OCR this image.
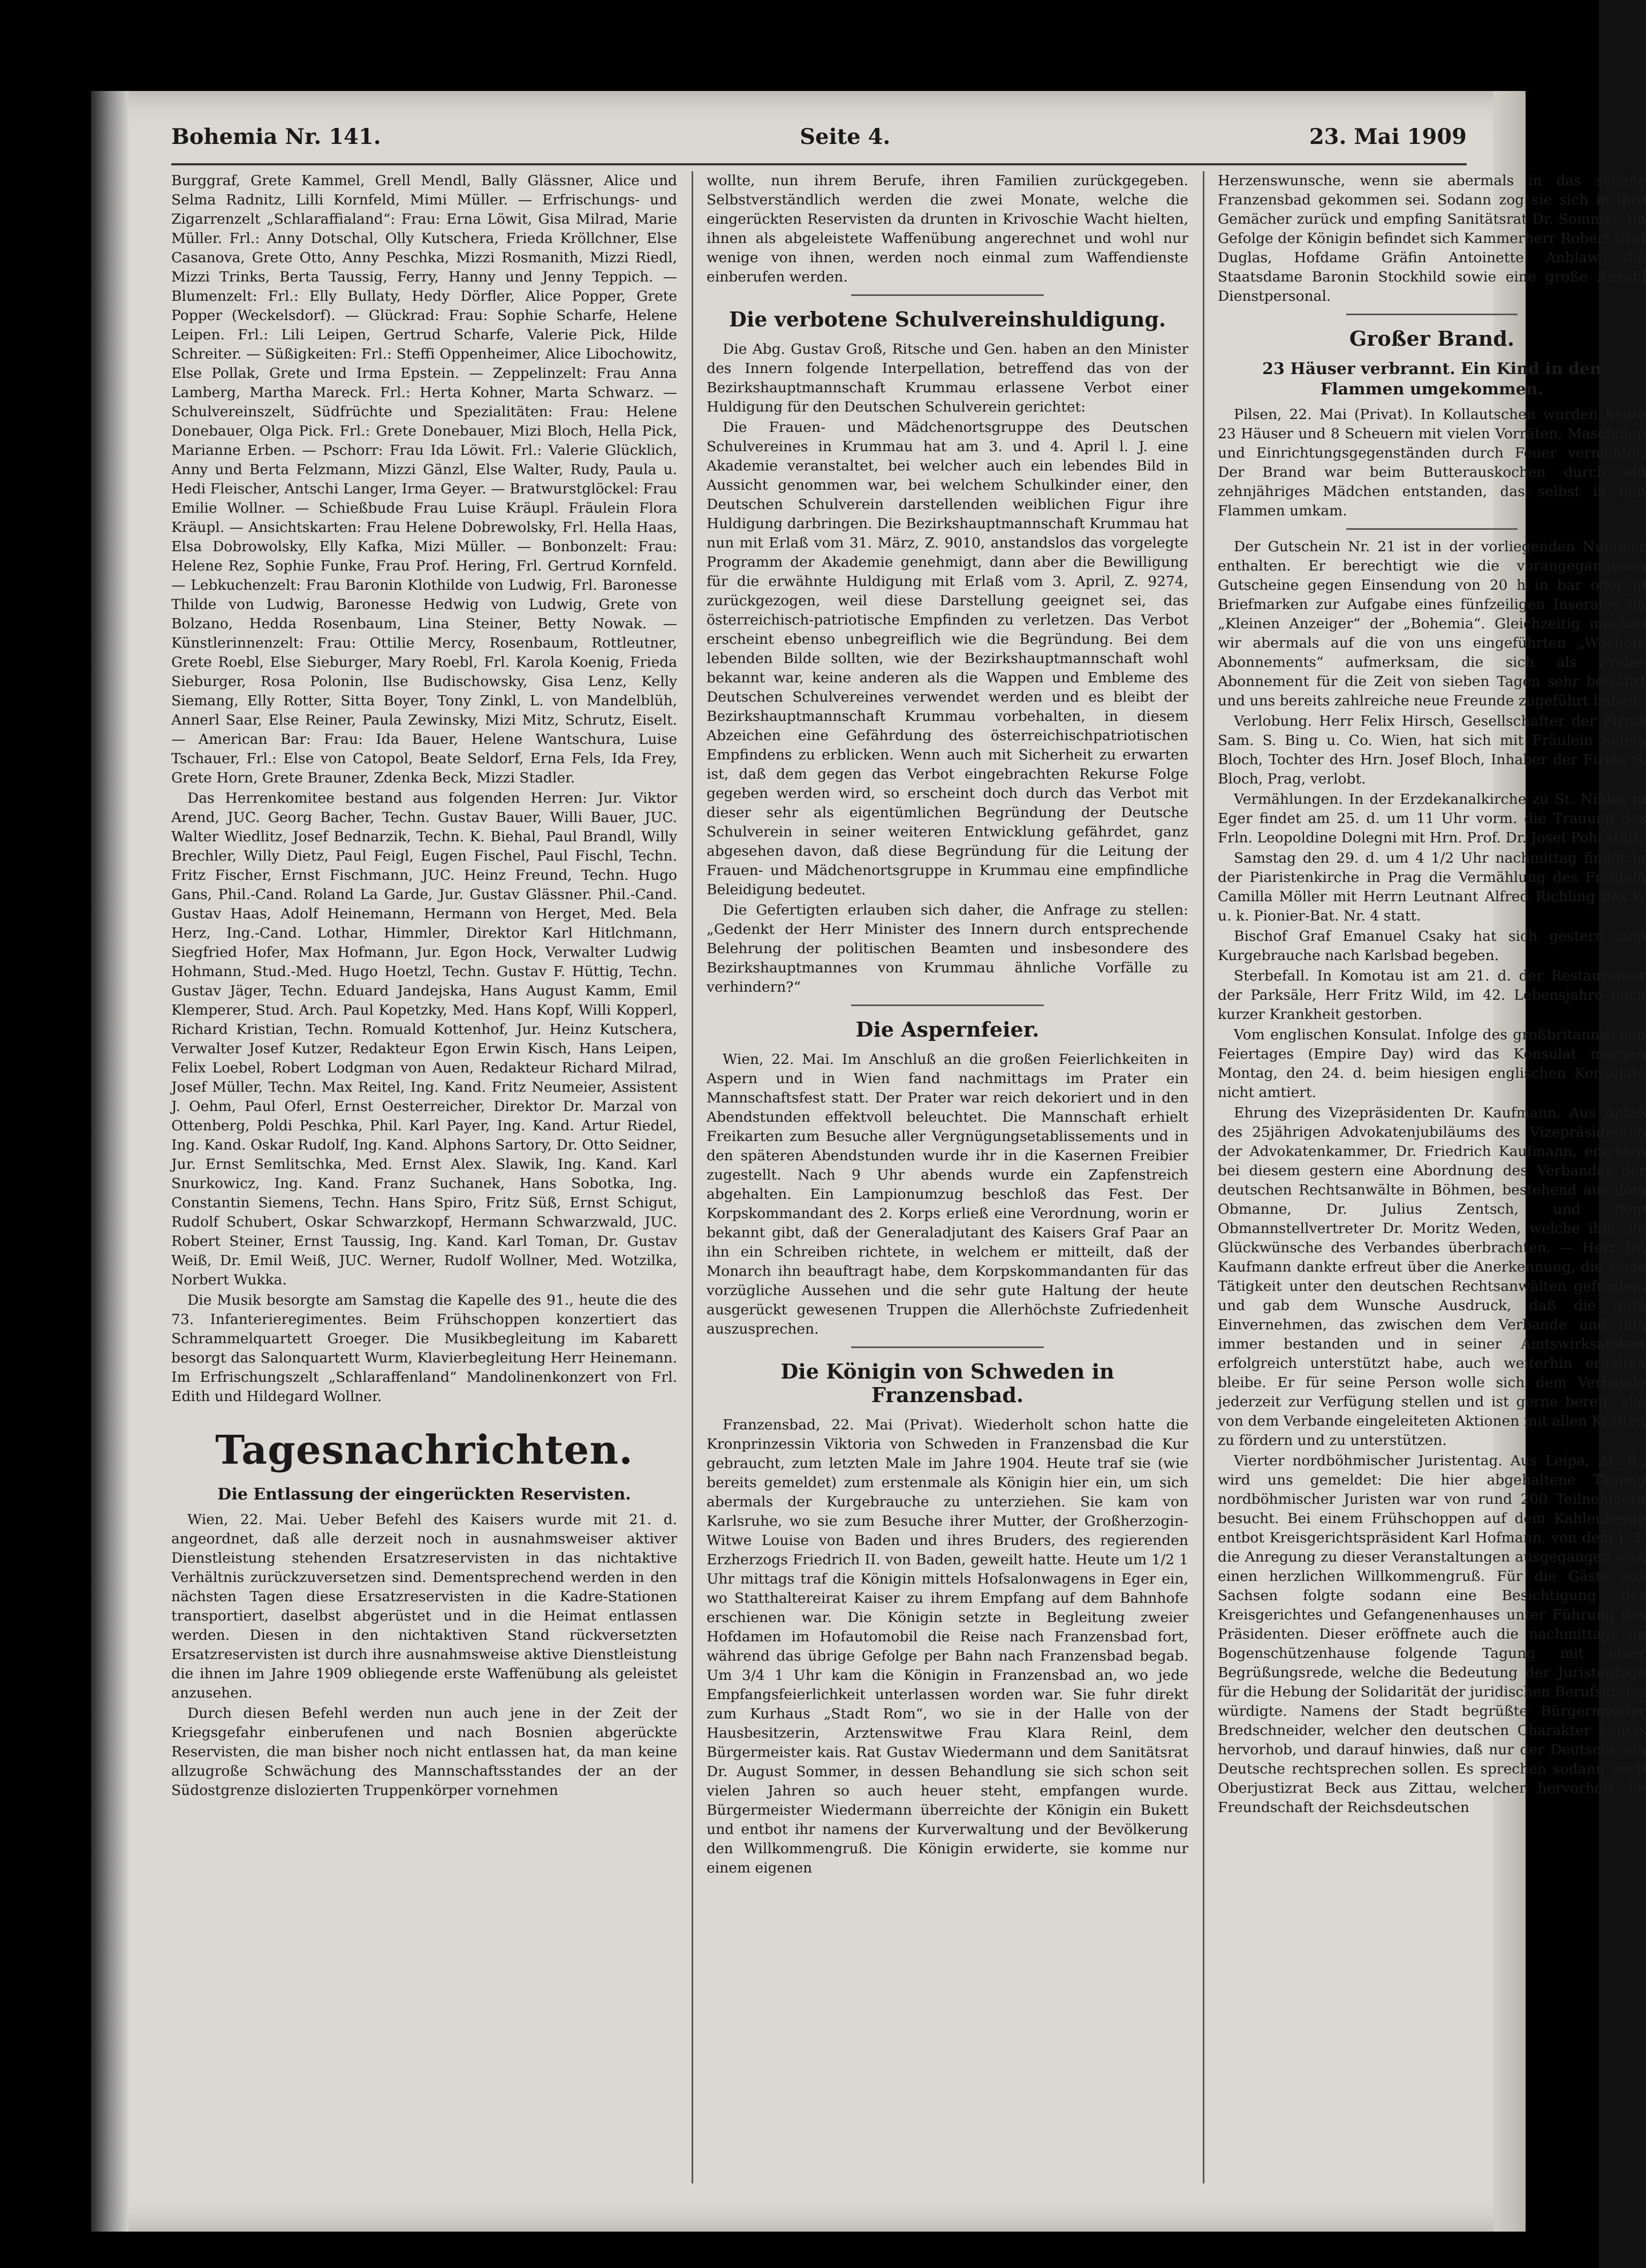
Bohemia Nr. 141.	Seite 4.	23. Mai 1909

Burggraf, Grete Kammel, Grell Mendl, Bally Glässner, Alice und Selma Radnitz, Lilli Kornfeld, Mimi Müller. — Erfrischungs- und Zigarrenzelt „Schlaraffialand“: Frau: Erna Löwit, Gisa Milrad, Marie Müller. Frl.: Anny Dotschal, Olly Kutschera, Frieda Kröllchner, Else Casanova, Grete Otto, Anny Peschka, Mizzi Rosmanith, Mizzi Riedl, Mizzi Trinks, Berta Taussig, Ferry, Hanny und Jenny Teppich. — Blumenzelt: Frl.: Elly Bullaty, Hedy Dörfler, Alice Popper, Grete Popper (Weckelsdorf). — Glückrad: Frau: Sophie Scharfe, Helene Leipen. Frl.: Lili Leipen, Gertrud Scharfe, Valerie Pick, Hilde Schreiter. — Süßigkeiten: Frl.: Steffi Oppenheimer, Alice Libochowitz, Else Pollak, Grete und Irma Epstein. — Zeppelinzelt: Frau Anna Lamberg, Martha Mareck. Frl.: Herta Kohner, Marta Schwarz. — Schulvereinszelt, Südfrüchte und Spezialitäten: Frau: Helene Donebauer, Olga Pick. Frl.: Grete Donebauer, Mizi Bloch, Hella Pick, Marianne Erben. — Pschorr: Frau Ida Löwit. Frl.: Valerie Glücklich, Anny und Berta Felzmann, Mizzi Gänzl, Else Walter, Rudy, Paula u. Hedi Fleischer, Antschi Langer, Irma Geyer. — Bratwurstglöckel: Frau Emilie Wollner. — Schießbude Frau Luise Kräupl. Fräulein Flora Kräupl. — Ansichtskarten: Frau Helene Dobrewolsky, Frl. Hella Haas, Elsa Dobrowolsky, Elly Kafka, Mizi Müller. — Bonbonzelt: Frau: Helene Rez, Sophie Funke, Frau Prof. Hering, Frl. Gertrud Kornfeld. — Lebkuchenzelt: Frau Baronin Klothilde von Ludwig, Frl. Baronesse Thilde von Ludwig, Baronesse Hedwig von Ludwig, Grete von Bolzano, Hedda Rosenbaum, Lina Steiner, Betty Nowak. — Künstlerinnenzelt: Frau: Ottilie Mercy, Rosenbaum, Rottleutner, Grete Roebl, Else Sieburger, Mary Roebl, Frl. Karola Koenig, Frieda Sieburger, Rosa Polonin, Ilse Budischowsky, Gisa Lenz, Kelly Siemang, Elly Rotter, Sitta Boyer, Tony Zinkl, L. von Mandelblüh, Annerl Saar, Else Reiner, Paula Zewinsky, Mizi Mitz, Schrutz, Eiselt. — American Bar: Frau: Ida Bauer, Helene Wantschura, Luise Tschauer, Frl.: Else von Catopol, Beate Seldorf, Erna Fels, Ida Frey, Grete Horn, Grete Brauner, Zdenka Beck, Mizzi Stadler.

Das Herrenkomitee bestand aus folgenden Herren: Jur. Viktor Arend, JUC. Georg Bacher, Techn. Gustav Bauer, Willi Bauer, JUC. Walter Wiedlitz, Josef Bednarzik, Techn. K. Biehal, Paul Brandl, Willy Brechler, Willy Dietz, Paul Feigl, Eugen Fischel, Paul Fischl, Techn. Fritz Fischer, Ernst Fischmann, JUC. Heinz Freund, Techn. Hugo Gans, Phil.-Cand. Roland La Garde, Jur. Gustav Glässner. Phil.-Cand. Gustav Haas, Adolf Heinemann, Hermann von Herget, Med. Bela Herz, Ing.-Cand. Lothar, Himmler, Direktor Karl Hitlchmann, Siegfried Hofer, Max Hofmann, Jur. Egon Hock, Verwalter Ludwig Hohmann, Stud.-Med. Hugo Hoetzl, Techn. Gustav F. Hüttig, Techn. Gustav Jäger, Techn. Eduard Jandejska, Hans August Kamm, Emil Klemperer, Stud. Arch. Paul Kopetzky, Med. Hans Kopf, Willi Kopperl, Richard Kristian, Techn. Romuald Kottenhof, Jur. Heinz Kutschera, Verwalter Josef Kutzer, Redakteur Egon Erwin Kisch, Hans Leipen, Felix Loebel, Robert Lodgman von Auen, Redakteur Richard Milrad, Josef Müller, Techn. Max Reitel, Ing. Kand. Fritz Neumeier, Assistent J. Oehm, Paul Oferl, Ernst Oesterreicher, Direktor Dr. Marzal von Ottenberg, Poldi Peschka, Phil. Karl Payer, Ing. Kand. Artur Riedel, Ing. Kand. Oskar Rudolf, Ing. Kand. Alphons Sartory, Dr. Otto Seidner, Jur. Ernst Semlitschka, Med. Ernst Alex. Slawik, Ing. Kand. Karl Snurkowicz, Ing. Kand. Franz Suchanek, Hans Sobotka, Ing. Constantin Siemens, Techn. Hans Spiro, Fritz Süß, Ernst Schigut, Rudolf Schubert, Oskar Schwarzkopf, Hermann Schwarzwald, JUC. Robert Steiner, Ernst Taussig, Ing. Kand. Karl Toman, Dr. Gustav Weiß, Dr. Emil Weiß, JUC. Werner, Rudolf Wollner, Med. Wotzilka, Norbert Wukka.

Die Musik besorgte am Samstag die Kapelle des 91., heute die des 73. Infanterieregimentes. Beim Frühschoppen konzertiert das Schrammelquartett Groeger. Die Musikbegleitung im Kabarett besorgt das Salonquartett Wurm, Klavierbegleitung Herr Heinemann. Im Erfrischungszelt „Schlaraffenland“ Mandolinenkonzert von Frl. Edith und Hildegard Wollner.

Tagesnachrichten.
Die Entlassung der eingerückten Reservisten.

Wien, 22. Mai. Ueber Befehl des Kaisers wurde mit 21. d. angeordnet, daß alle derzeit noch in ausnahmsweiser aktiver Dienstleistung stehenden Ersatzreservisten in das nichtaktive Verhältnis zurückzuversetzen sind. Dementsprechend werden in den nächsten Tagen diese Ersatzreservisten in die Kadre-Stationen transportiert, daselbst abgerüstet und in die Heimat entlassen werden. Diesen in den nichtaktiven Stand rückversetzten Ersatzreservisten ist durch ihre ausnahmsweise aktive Dienstleistung die ihnen im Jahre 1909 obliegende erste Waffenübung als geleistet anzusehen.

Durch diesen Befehl werden nun auch jene in der Zeit der Kriegsgefahr einberufenen und nach Bosnien abgerückte Reservisten, die man bisher noch nicht entlassen hat, da man keine allzugroße Schwächung des Mannschaftsstandes der an der Südostgrenze dislozierten Truppenkörper vornehmen

wollte, nun ihrem Berufe, ihren Familien zurückgegeben. Selbstverständlich werden die zwei Monate, welche die eingerückten Reservisten da drunten in Krivoschie Wacht hielten, ihnen als abgeleistete Waffenübung angerechnet und wohl nur wenige von ihnen, werden noch einmal zum Waffendienste einberufen werden.

Die verbotene Schulvereinshuldigung.

Die Abg. Gustav Groß, Ritsche und Gen. haben an den Minister des Innern folgende Interpellation, betreffend das von der Bezirkshauptmannschaft Krummau erlassene Verbot einer Huldigung für den Deutschen Schulverein gerichtet:

Die Frauen- und Mädchenortsgruppe des Deutschen Schulvereines in Krummau hat am 3. und 4. April l. J. eine Akademie veranstaltet, bei welcher auch ein lebendes Bild in Aussicht genommen war, bei welchem Schulkinder einer, den Deutschen Schulverein darstellenden weiblichen Figur ihre Huldigung darbringen. Die Bezirkshauptmannschaft Krummau hat nun mit Erlaß vom 31. März, Z. 9010, anstandslos das vorgelegte Programm der Akademie genehmigt, dann aber die Bewilligung für die erwähnte Huldigung mit Erlaß vom 3. April, Z. 9274, zurückgezogen, weil diese Darstellung geeignet sei, das österreichisch-patriotische Empfinden zu verletzen. Das Verbot erscheint ebenso unbegreiflich wie die Begründung. Bei dem lebenden Bilde sollten, wie der Bezirkshauptmannschaft wohl bekannt war, keine anderen als die Wappen und Embleme des Deutschen Schulvereines verwendet werden und es bleibt der Bezirkshauptmannschaft Krummau vorbehalten, in diesem Abzeichen eine Gefährdung des österreichischpatriotischen Empfindens zu erblicken. Wenn auch mit Sicherheit zu erwarten ist, daß dem gegen das Verbot eingebrachten Rekurse Folge gegeben werden wird, so erscheint doch durch das Verbot mit dieser sehr als eigentümlichen Begründung der Deutsche Schulverein in seiner weiteren Entwicklung gefährdet, ganz abgesehen davon, daß diese Begründung für die Leitung der Frauen- und Mädchenortsgruppe in Krummau eine empfindliche Beleidigung bedeutet.

Die Gefertigten erlauben sich daher, die Anfrage zu stellen: „Gedenkt der Herr Minister des Innern durch entsprechende Belehrung der politischen Beamten und insbesondere des Bezirkshauptmannes von Krummau ähnliche Vorfälle zu verhindern?“

Die Aspernfeier.

Wien, 22. Mai. Im Anschluß an die großen Feierlichkeiten in Aspern und in Wien fand nachmittags im Prater ein Mannschaftsfest statt. Der Prater war reich dekoriert und in den Abendstunden effektvoll beleuchtet. Die Mannschaft erhielt Freikarten zum Besuche aller Vergnügungsetablissements und in den späteren Abendstunden wurde ihr in die Kasernen Freibier zugestellt. Nach 9 Uhr abends wurde ein Zapfenstreich abgehalten. Ein Lampionumzug beschloß das Fest. Der Korpskommandant des 2. Korps erließ eine Verordnung, worin er bekannt gibt, daß der Generaladjutant des Kaisers Graf Paar an ihn ein Schreiben richtete, in welchem er mitteilt, daß der Monarch ihn beauftragt habe, dem Korpskommandanten für das vorzügliche Aussehen und die sehr gute Haltung der heute ausgerückt gewesenen Truppen die Allerhöchste Zufriedenheit auszusprechen.

Die Königin von Schweden in Franzensbad.

Franzensbad, 22. Mai (Privat). Wiederholt schon hatte die Kronprinzessin Viktoria von Schweden in Franzensbad die Kur gebraucht, zum letzten Male im Jahre 1904. Heute traf sie (wie bereits gemeldet) zum erstenmale als Königin hier ein, um sich abermals der Kurgebrauche zu unterziehen. Sie kam von Karlsruhe, wo sie zum Besuche ihrer Mutter, der Großherzogin-Witwe Louise von Baden und ihres Bruders, des regierenden Erzherzogs Friedrich II. von Baden, geweilt hatte. Heute um 1/2 1 Uhr mittags traf die Königin mittels Hofsalonwagens in Eger ein, wo Statthaltereirat Kaiser zu ihrem Empfang auf dem Bahnhofe erschienen war. Die Königin setzte in Begleitung zweier Hofdamen im Hofautomobil die Reise nach Franzensbad fort, während das übrige Gefolge per Bahn nach Franzensbad begab. Um 3/4 1 Uhr kam die Königin in Franzensbad an, wo jede Empfangsfeierlichkeit unterlassen worden war. Sie fuhr direkt zum Kurhaus „Stadt Rom“, wo sie in der Halle von der Hausbesitzerin, Arztenswitwe Frau Klara Reinl, dem Bürgermeister kais. Rat Gustav Wiedermann und dem Sanitätsrat Dr. August Sommer, in dessen Behandlung sie sich schon seit vielen Jahren so auch heuer steht, empfangen wurde. Bürgermeister Wiedermann überreichte der Königin ein Bukett und entbot ihr namens der Kurverwaltung und der Bevölkerung den Willkommengruß. Die Königin erwiderte, sie komme nur einem eigenen

Herzenswunsche, wenn sie abermals in das schöne Franzensbad gekommen sei. Sodann zog sie sich in ihre Gemächer zurück und empfing Sanitätsrat Dr. Sommer. Im Gefolge der Königin befindet sich Kammerherr Robert Graf Duglas, Hofdame Gräfin Antoinette Anblaw, die Staatsdame Baronin Stockhild sowie eine große Anzahl Dienstpersonal.

Großer Brand.
23 Häuser verbrannt. Ein Kind in den Flammen umgekommen.

Pilsen, 22. Mai (Privat). In Kollautschen wurden heute 23 Häuser und 8 Scheuern mit vielen Vorräten, Maschinen und Einrichtungsgegenständen durch Feuer vernichtet. Der Brand war beim Butterauskochen durch ein zehnjähriges Mädchen entstanden, das selbst in den Flammen umkam.

Der Gutschein Nr. 21 ist in der vorliegenden Nummer enthalten. Er berechtigt wie die vorangegangenen Gutscheine gegen Einsendung von 20 h in bar oder in Briefmarken zur Aufgabe eines fünfzeiligen Inserates im „Kleinen Anzeiger“ der „Bohemia“. Gleichzeitig machen wir abermals auf die von uns eingeführten „Wochen-Abonnements“ aufmerksam, die sich als Probe-Abonnement für die Zeit von sieben Tagen sehr bewährt und uns bereits zahlreiche neue Freunde zugeführt haben.

Verlobung. Herr Felix Hirsch, Gesellschafter der Firma Sam. S. Bing u. Co. Wien, hat sich mit Fräulein Selma Bloch, Tochter des Hrn. Josef Bloch, Inhaber der Firma S. Bloch, Prag, verlobt.

Vermählungen. In der Erzdekanalkirche zu St. Niklas in Eger findet am 25. d. um 11 Uhr vorm. die Trauung des Frln. Leopoldine Dolegni mit Hrn. Prof. Dr. Josef Pohl statt.

Samstag den 29. d. um 4 1/2 Uhr nachmittag findet in der Piaristenkirche in Prag die Vermählung des Fräulein Camilla Möller mit Herrn Leutnant Alfred Richling des k. u. k. Pionier-Bat. Nr. 4 statt.

Bischof Graf Emanuel Csaky hat sich gestern zum Kurgebrauche nach Karlsbad begeben.

Sterbefall. In Komotau ist am 21. d. der Restaurateur der Parksäle, Herr Fritz Wild, im 42. Lebensjahre nach kurzer Krankheit gestorben.

Vom englischen Konsulat. Infolge des großbritannischen Feiertages (Empire Day) wird das Konsulat morgen Montag, den 24. d. beim hiesigen englischen Konsulate nicht amtiert.

Ehrung des Vizepräsidenten Dr. Kaufmann. Aus Anlaß des 25jährigen Advokatenjubiläums des Vizepräsidenten der Advokatenkammer, Dr. Friedrich Kaufmann, erschien bei diesem gestern eine Abordnung des Verbandes der deutschen Rechtsanwälte in Böhmen, bestehend aus dem Obmanne, Dr. Julius Zentsch, und dem Obmannstellvertreter Dr. Moritz Weden, welche ihm die Glückwünsche des Verbandes überbrachten. — Herr Dr. Kaufmann dankte erfreut über die Anerkennung, die seine Tätigkeit unter den deutschen Rechtsanwälten gefunden, und gab dem Wunsche Ausdruck, daß die gute Einvernehmen, das zwischen dem Verbande und ihm immer bestanden und in seiner Amtswirksamkeit erfolgreich unterstützt habe, auch weiterhin erhalten bleibe. Er für seine Person wolle sich dem Verbande jederzeit zur Verfügung stellen und ist gerne bereit, alle von dem Verbande eingeleiteten Aktionen mit allen Kräften zu fördern und zu unterstützen.

Vierter nordböhmischer Juristentag. Aus Leipa, 21. d., wird uns gemeldet: Die hier abgehaltene Tagung nordböhmischer Juristen war von rund 200 Teilnehmern besucht. Bei einem Frühschoppen auf dem Kahleuberge entbot Kreisgerichtspräsident Karl Hofmann, von dem J. 3. die Anregung zu dieser Veranstaltungen ausgegangen war, einen herzlichen Willkommengruß. Für die Gäste aus Sachsen folgte sodann eine Besichtigung des Kreisgerichtes und Gefangenenhauses unter Führung des Präsidenten. Dieser eröffnete auch die nachmittags im Bogenschützenhause folgende Tagung mit einer Begrüßungsrede, welche die Bedeutung der Juristentage für die Hebung der Solidarität der juridischen Berufskreise würdigte. Namens der Stadt begrüßte Bürgermeister Bredschneider, welcher den deutschen Charakter Leipas hervorhob, und darauf hinwies, daß nur der Deutsche ein Deutsche rechtsprechen sollen. Es sprechen sodann noch Oberjustizrat Beck aus Zittau, welcher hervorhob die Freundschaft der Reichsdeutschen
